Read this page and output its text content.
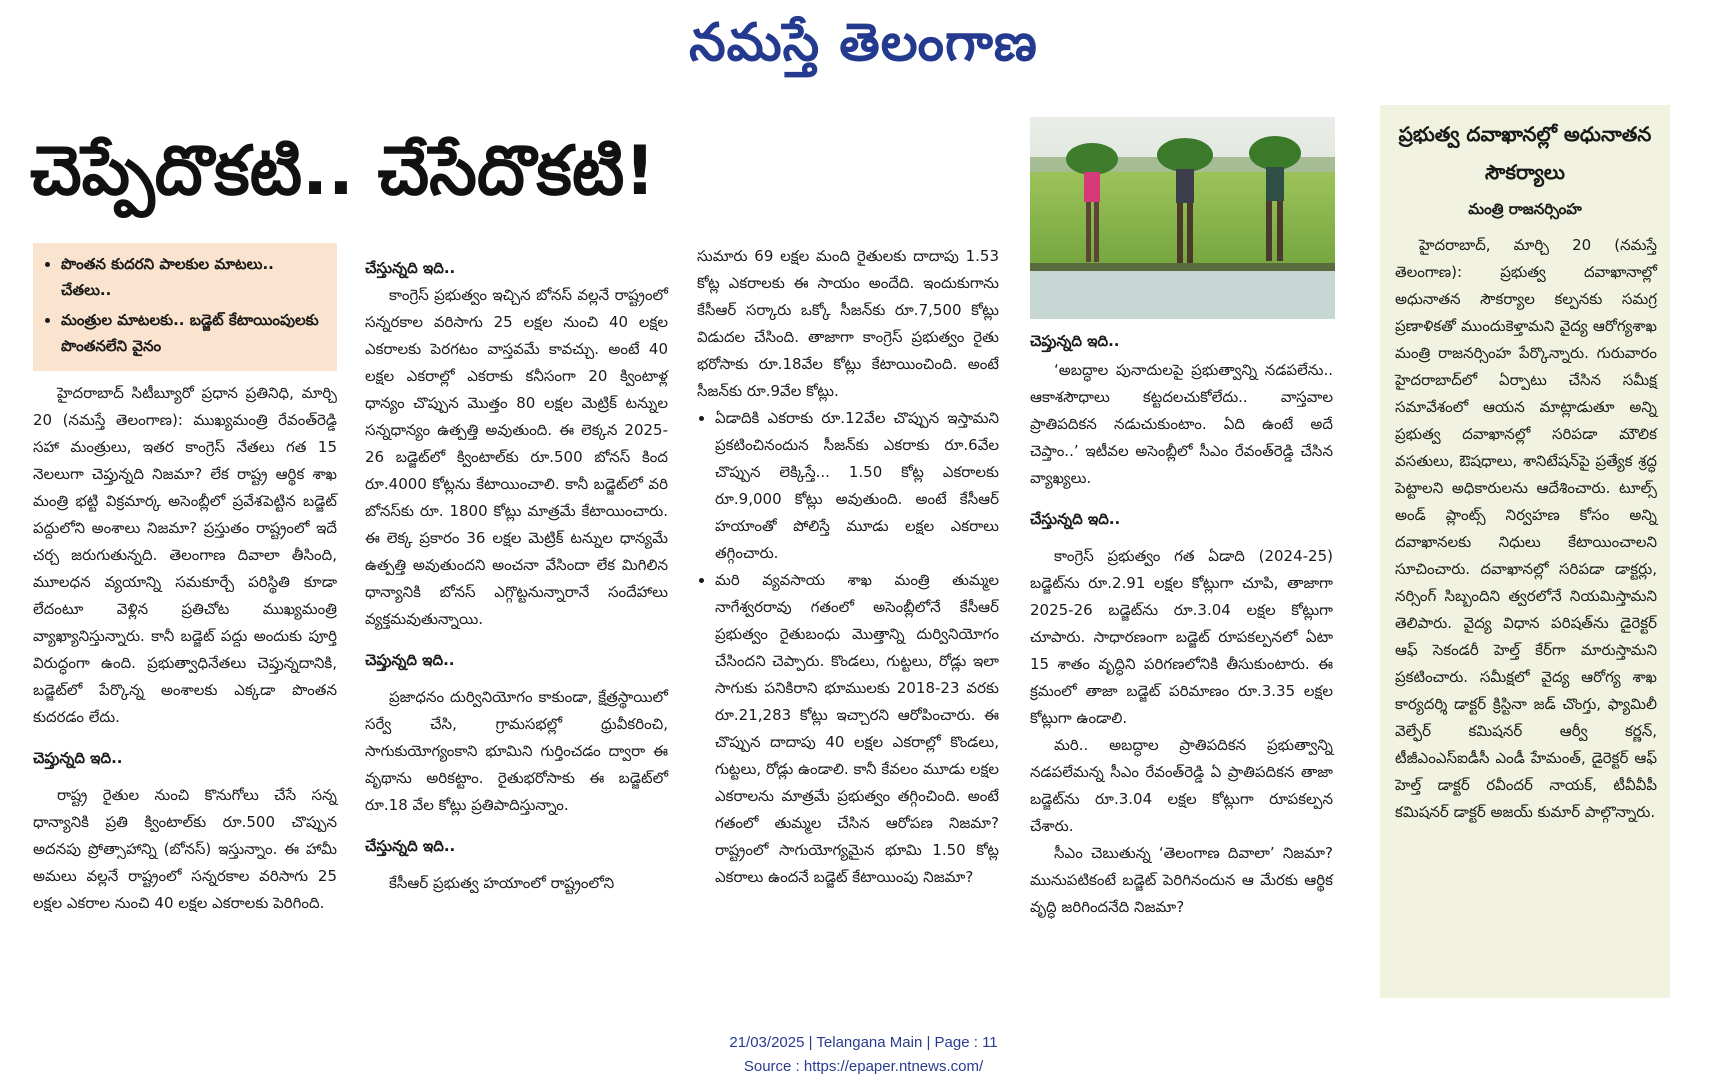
నమస్తే తెలంగాణ
చెప్పేదొకటి.. చేసేదొకటి!
• పొంతన కుదరని పాలకుల మాటలు.. చేతలు..
• మంత్రుల మాటలకు.. బడ్జెట్ కేటాయింపులకు పొంతనలేని వైనం

హైదరాబాద్ సిటీబ్యూరో ప్రధాన ప్రతినిధి, మార్చి 20 (నమస్తే తెలంగాణ): ముఖ్యమంత్రి రేవంత్‌రెడ్డి సహా మంత్రులు, ఇతర కాంగ్రెస్ నేతలు గత 15 నెలలుగా చెప్తున్నది నిజమా? లేక రాష్ట్ర ఆర్థిక శాఖ మంత్రి భట్టి విక్రమార్క అసెంబ్లీలో ప్రవేశపెట్టిన బడ్జెట్ పద్దులోని అంశాలు నిజమా? ప్రస్తుతం రాష్ట్రంలో ఇదే చర్చ జరుగుతున్నది. తెలంగాణ దివాలా తీసింది, మూలధన వ్యయాన్ని సమకూర్చే పరిస్థితి కూడా లేదంటూ వెళ్లిన ప్రతిచోట ముఖ్యమంత్రి వ్యాఖ్యానిస్తున్నారు. కానీ బడ్జెట్ పద్దు అందుకు పూర్తి విరుద్ధంగా ఉంది. ప్రభుత్వాధినేతలు చెప్తున్నదానికి, బడ్జెట్‌లో పేర్కొన్న అంశాలకు ఎక్కడా పొంతన కుదరడం లేదు.

చెప్తున్నది ఇది..

రాష్ట్ర రైతుల నుంచి కొనుగోలు చేసే సన్న ధాన్యానికి ప్రతి క్వింటాల్‌కు రూ.500 చొప్పున అదనపు ప్రోత్సాహాన్ని (బోనస్) ఇస్తున్నాం. ఈ హామీ అమలు వల్లనే రాష్ట్రంలో సన్నరకాల వరిసాగు 25 లక్షల ఎకరాల నుంచి 40 లక్షల ఎకరాలకు పెరిగింది.

చేస్తున్నది ఇది..

కాంగ్రెస్ ప్రభుత్వం ఇచ్చిన బోనస్ వల్లనే రాష్ట్రంలో సన్నరకాల వరిసాగు 25 లక్షల నుంచి 40 లక్షల ఎకరాలకు పెరగటం వాస్తవమే కావచ్చు. అంటే 40 లక్షల ఎకరాల్లో ఎకరాకు కనీసంగా 20 క్వింటాళ్ల ధాన్యం చొప్పున మొత్తం 80 లక్షల మెట్రిక్ టన్నుల సన్నధాన్యం ఉత్పత్తి అవుతుంది. ఈ లెక్కన 2025-26 బడ్జెట్‌లో క్వింటాల్‌కు రూ.500 బోనస్ కింద రూ.4000 కోట్లను కేటాయించాలి. కానీ బడ్జెట్‌లో వరి బోనస్‌కు రూ. 1800 కోట్లు మాత్రమే కేటాయించారు. ఈ లెక్క ప్రకారం 36 లక్షల మెట్రిక్ టన్నుల ధాన్యమే ఉత్పత్తి అవుతుందని అంచనా వేసిందా లేక మిగిలిన ధాన్యానికి బోనస్ ఎగ్గొట్టనున్నారానే సందేహాలు వ్యక్తమవుతున్నాయి.

చెప్తున్నది ఇది..

ప్రజాధనం దుర్వినియోగం కాకుండా, క్షేత్రస్థాయిలో సర్వే చేసి, గ్రామసభల్లో ధ్రువీకరించి, సాగుకుయోగ్యంకాని భూమిని గుర్తించడం ద్వారా ఈ వృథాను అరికట్టాం. రైతుభరోసాకు ఈ బడ్జెట్‌లో రూ.18 వేల కోట్లు ప్రతిపాదిస్తున్నాం.

చేస్తున్నది ఇది..

కేసీఆర్ ప్రభుత్వ హయాంలో రాష్ట్రంలోని

సుమారు 69 లక్షల మంది రైతులకు దాదాపు 1.53 కోట్ల ఎకరాలకు ఈ సాయం అందేది. ఇందుకుగాను కేసీఆర్ సర్కారు ఒక్కో సీజన్‌కు రూ.7,500 కోట్లు విడుదల చేసింది. తాజాగా కాంగ్రెస్ ప్రభుత్వం రైతు భరోసాకు రూ.18వేల కోట్లు కేటాయించింది. అంటే సీజన్‌కు రూ.9వేల కోట్లు.

• ఏడాదికి ఎకరాకు రూ.12వేల చొప్పున ఇస్తామని ప్రకటించినందున సీజన్‌కు ఎకరాకు రూ.6వేల చొప్పున లెక్కిస్తే... 1.50 కోట్ల ఎకరాలకు రూ.9,000 కోట్లు అవుతుంది. అంటే కేసీఆర్ హయాంతో పోలిస్తే మూడు లక్షల ఎకరాలు తగ్గించారు.
• మరి వ్యవసాయ శాఖ మంత్రి తుమ్మల నాగేశ్వరరావు గతంలో అసెంబ్లీలోనే కేసీఆర్ ప్రభుత్వం రైతుబంధు మొత్తాన్ని దుర్వినియోగం చేసిందని చెప్పారు. కొండలు, గుట్టలు, రోడ్లు ఇలా సాగుకు పనికిరాని భూములకు 2018-23 వరకు రూ.21,283 కోట్లు ఇచ్చారని ఆరోపించారు. ఈ చొప్పున దాదాపు 40 లక్షల ఎకరాల్లో కొండలు, గుట్టలు, రోడ్లు ఉండాలి. కానీ కేవలం మూడు లక్షల ఎకరాలను మాత్రమే ప్రభుత్వం తగ్గించింది. అంటే గతంలో తుమ్మల చేసిన ఆరోపణ నిజమా? రాష్ట్రంలో సాగుయోగ్యమైన భూమి 1.50 కోట్ల ఎకరాలు ఉందనే బడ్జెట్ కేటాయింపు నిజమా?

చెప్తున్నది ఇది..

‘అబద్ధాల పునాదులపై ప్రభుత్వాన్ని నడపలేను.. ఆకాశసౌధాలు కట్టదలచుకోలేదు.. వాస్తవాల ప్రాతిపదికన నడుచుకుంటాం. ఏది ఉంటే అదే చెప్తాం..’ ఇటీవల అసెంబ్లీలో సీఎం రేవంత్‌రెడ్డి చేసిన వ్యాఖ్యలు.

చేస్తున్నది ఇది..

కాంగ్రెస్ ప్రభుత్వం గత ఏడాది (2024-25) బడ్జెట్‌ను రూ.2.91 లక్షల కోట్లుగా చూపి, తాజాగా 2025-26 బడ్జెట్‌ను రూ.3.04 లక్షల కోట్లుగా చూపారు. సాధారణంగా బడ్జెట్ రూపకల్పనలో ఏటా 15 శాతం వృద్ధిని పరిగణలోనికి తీసుకుంటారు. ఈ క్రమంలో తాజా బడ్జెట్ పరిమాణం రూ.3.35 లక్షల కోట్లుగా ఉండాలి.

మరి.. అబద్ధాల ప్రాతిపదికన ప్రభుత్వాన్ని నడపలేమన్న సీఎం రేవంత్‌రెడ్డి ఏ ప్రాతిపదికన తాజా బడ్జెట్‌ను రూ.3.04 లక్షల కోట్లుగా రూపకల్పన చేశారు.

సీఎం చెబుతున్న ‘తెలంగాణ దివాలా’ నిజమా? మునుపటికంటే బడ్జెట్ పెరిగినందున ఆ మేరకు ఆర్థిక వృద్ధి జరిగిందనేది నిజమా?

ప్రభుత్వ దవాఖానల్లో అధునాతన సౌకర్యాలు
మంత్రి రాజనర్సింహ

హైదరాబాద్, మార్చి 20 (నమస్తే తెలంగాణ): ప్రభుత్వ దవాఖానాల్లో అధునాతన సౌకర్యాల కల్పనకు సమగ్ర ప్రణాళికతో ముందుకెళ్తామని వైద్య ఆరోగ్యశాఖ మంత్రి రాజనర్సింహ పేర్కొన్నారు. గురువారం హైదరాబాద్‌లో ఏర్పాటు చేసిన సమీక్ష సమావేశంలో ఆయన మాట్లాడుతూ అన్ని ప్రభుత్వ దవాఖానల్లో సరిపడా మౌలిక వసతులు, ఔషధాలు, శానిటేషన్‌పై ప్రత్యేక శ్రద్ధ పెట్టాలని అధికారులను ఆదేశించారు. టూల్స్ అండ్ ప్లాంట్స్ నిర్వహణ కోసం అన్ని దవాఖానలకు నిధులు కేటాయించాలని సూచించారు. దవాఖానల్లో సరిపడా డాక్టర్లు, నర్సింగ్ సిబ్బందిని త్వరలోనే నియమిస్తామని తెలిపారు. వైద్య విధాన పరిషత్‌ను డైరెక్టర్ ఆఫ్ సెకండరీ హెల్త్ కేర్‌గా మారుస్తామని ప్రకటించారు. సమీక్షలో వైద్య ఆరోగ్య శాఖ కార్యదర్శి డాక్టర్ క్రిస్టినా జడ్ చొంగ్తు, ఫ్యామిలీ వెల్ఫేర్ కమిషనర్ ఆర్వీ కర్ణన్, టీజీఎంఎస్ఐడీసీ ఎండీ హేమంత్, డైరెక్టర్ ఆఫ్ హెల్త్ డాక్టర్ రవీందర్ నాయక్, టీవీవీపీ కమిషనర్ డాక్టర్ అజయ్ కుమార్ పాల్గొన్నారు.

21/03/2025 | Telangana Main | Page : 11
Source : https://epaper.ntnews.com/
